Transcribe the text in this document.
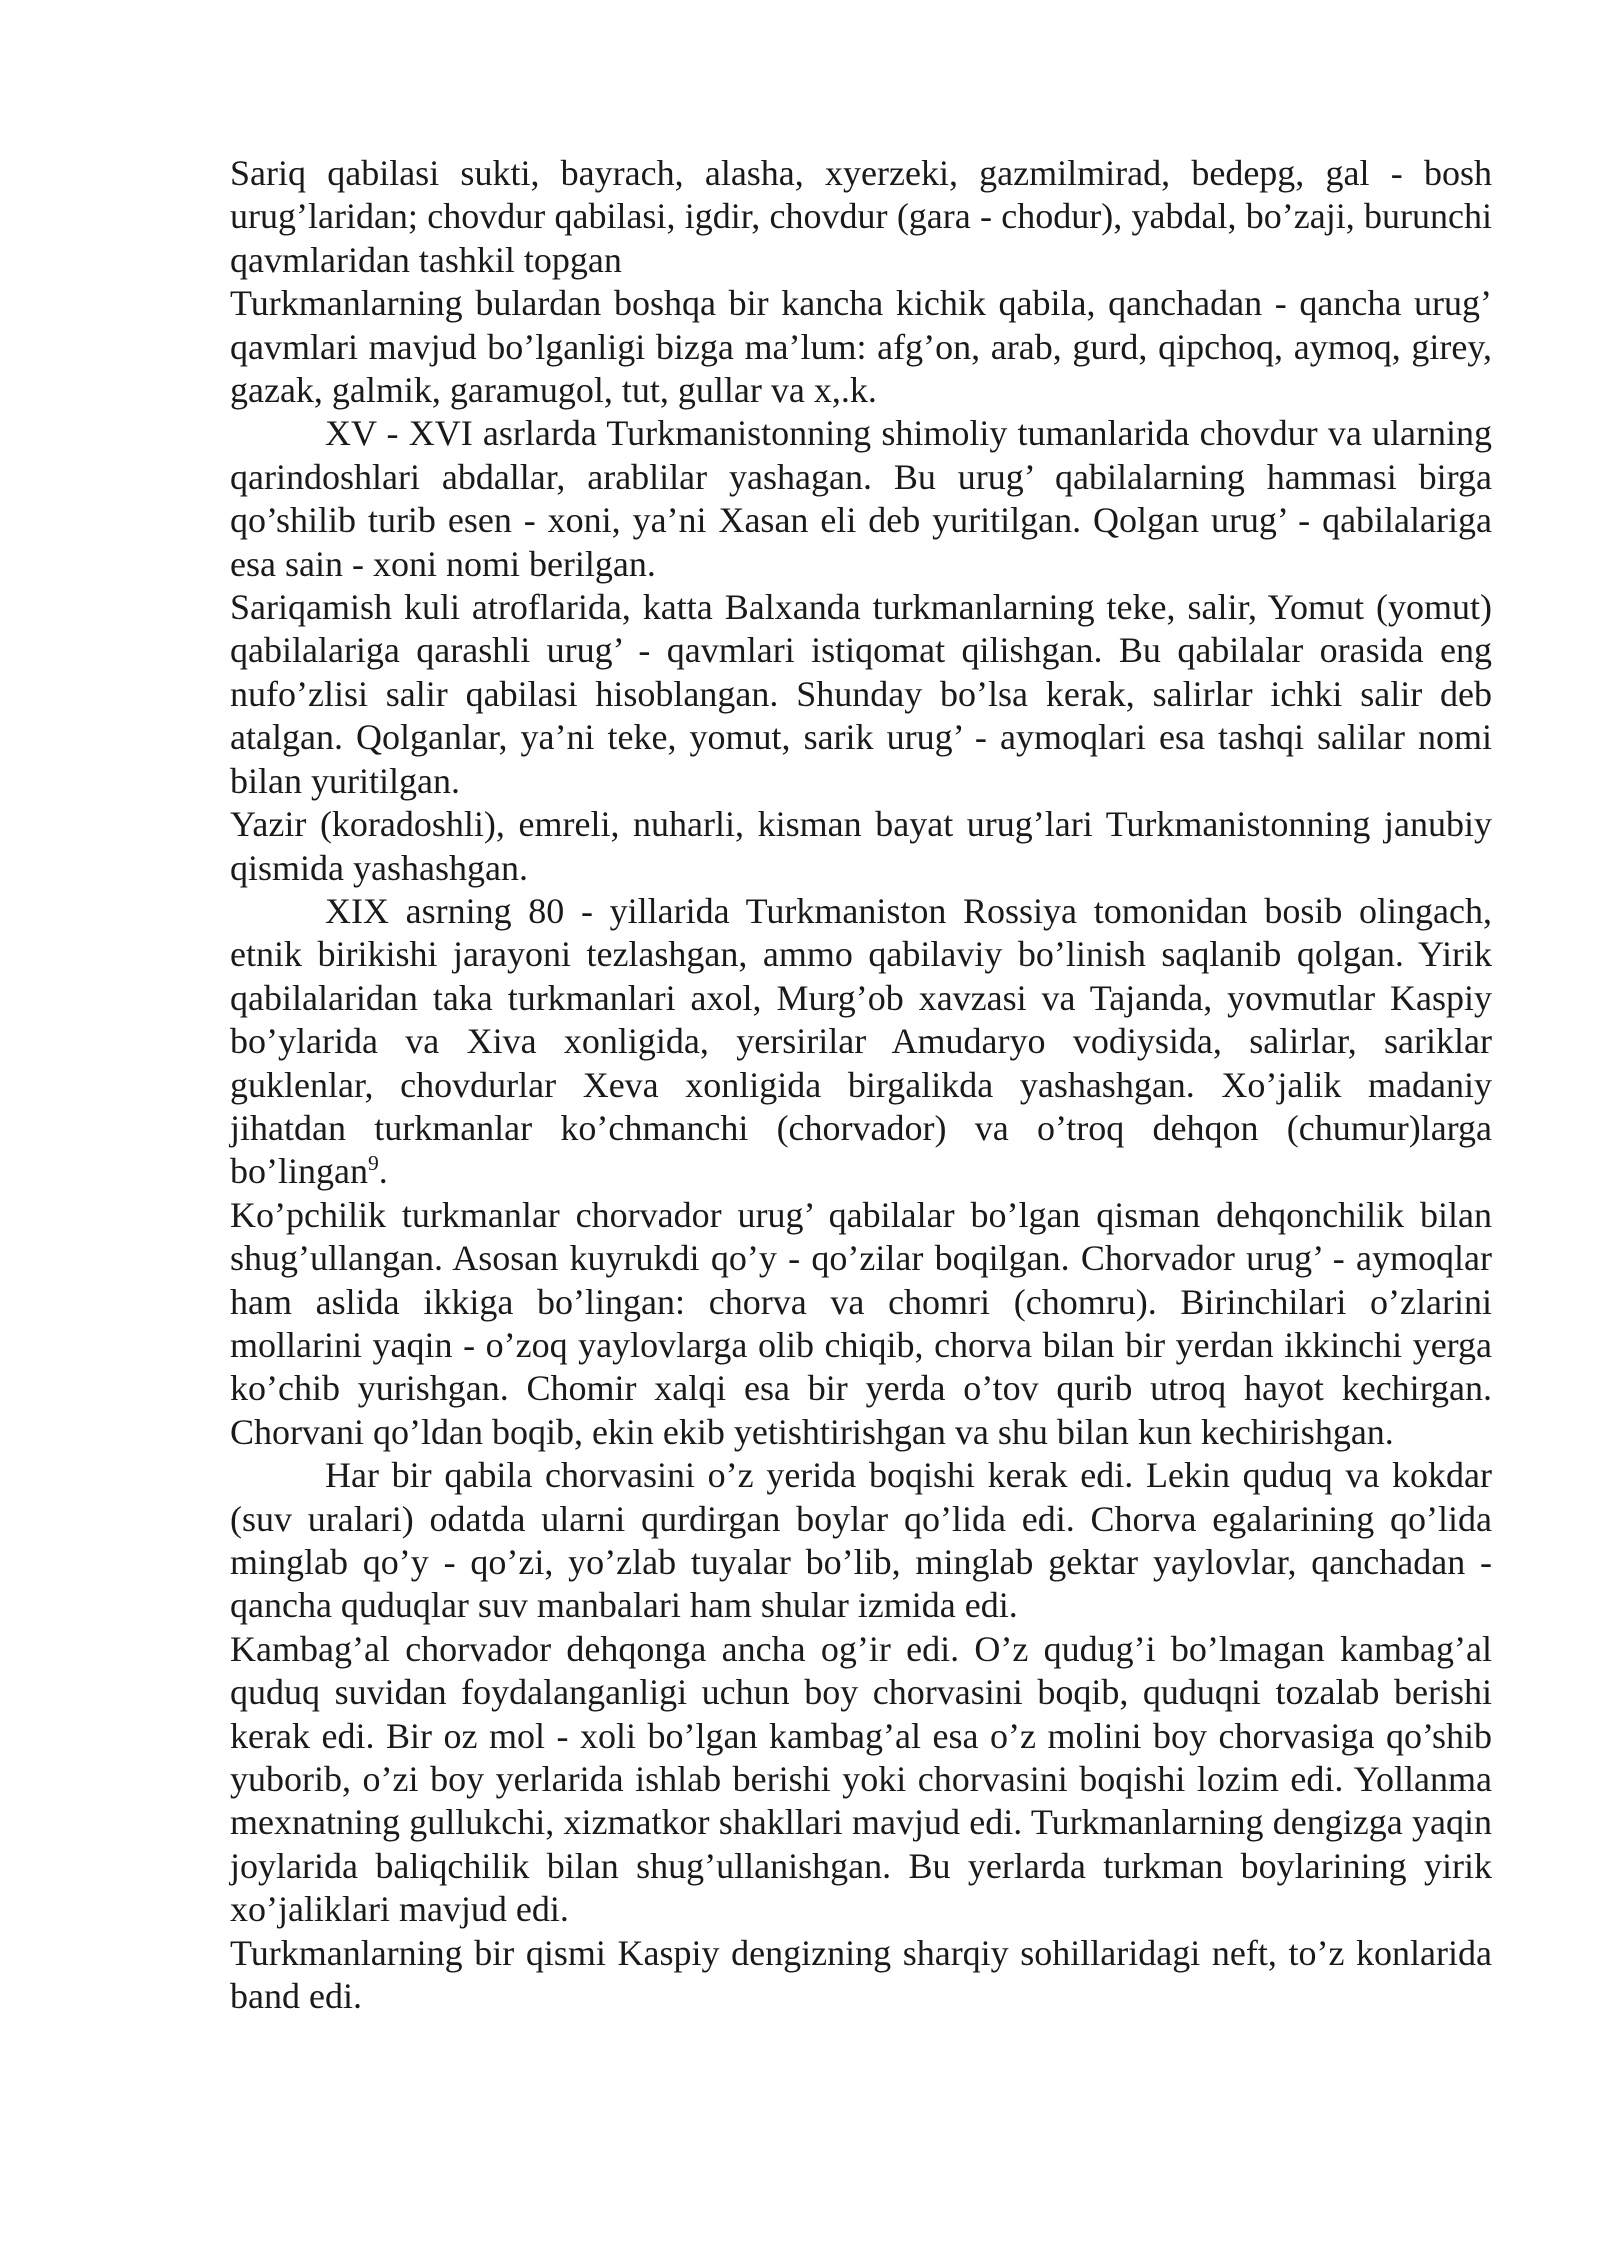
Sariq qabilasi sukti, bayrach, alasha, xyerzeki, gazmilmirad, bedepg, gal - bosh urug’laridan; chovdur qabilasi, igdir, chovdur (gara - chodur), yabdal, bo’zaji, burunchi qavmlaridan tashkil topgan

Turkmanlarning bulardan boshqa bir kancha kichik qabila, qanchadan - qancha urug’ qavmlari mavjud bo’lganligi bizga ma’lum: afg’on, arab, gurd, qipchoq, aymoq, girey, gazak, galmik, garamugol, tut, gullar va x,.k.

XV - XVI asrlarda Turkmanistonning shimoliy tumanlarida chovdur va ularning qarindoshlari abdallar, arablilar yashagan. Bu urug’ qabilalarning hammasi birga qo’shilib turib esen - xoni, ya’ni Xasan eli deb yuritilgan. Qolgan urug’ - qabilalariga esa sain - xoni nomi berilgan.

Sariqamish kuli atroflarida, katta Balxanda turkmanlarning teke, salir, Yomut (yomut) qabilalariga qarashli urug’ - qavmlari istiqomat qilishgan. Bu qabilalar orasida eng nufo’zlisi salir qabilasi hisoblangan. Shunday bo’lsa kerak, salirlar ichki salir deb atalgan. Qolganlar, ya’ni teke, yomut, sarik urug’ - aymoqlari esa tashqi salilar nomi bilan yuritilgan.

Yazir (koradoshli), emreli, nuharli, kisman bayat urug’lari Turkmanistonning janubiy qismida yashashgan.

XIX asrning 80 - yillarida Turkmaniston Rossiya tomonidan bosib olingach, etnik birikishi jarayoni tezlashgan, ammo qabilaviy bo’linish saqlanib qolgan. Yirik qabilalaridan taka turkmanlari axol, Murg’ob xavzasi va Tajanda, yovmutlar Kaspiy bo’ylarida va Xiva xonligida, yersirilar Amudaryo vodiysida, salirlar, sariklar guklenlar, chovdurlar Xeva xonligida birgalikda yashashgan. Xo’jalik madaniy jihatdan turkmanlar ko’chmanchi (chorvador) va o’troq dehqon (chumur)larga bo’lingan$^9$.

Ko’pchilik turkmanlar chorvador urug’ qabilalar bo’lgan qisman dehqonchilik bilan shug’ullangan. Asosan kuyrukdi qo’y - qo’zilar boqilgan. Chorvador urug’ - aymoqlar ham aslida ikkiga bo’lingan: chorva va chomri (chomru). Birinchilari o’zlarini mollarini yaqin - o’zoq yaylovlarga olib chiqib, chorva bilan bir yerdan ikkinchi yerga ko’chib yurishgan. Chomir xalqi esa bir yerda o’tov qurib utroq hayot kechirgan. Chorvani qo’ldan boqib, ekin ekib yetishtirishgan va shu bilan kun kechirishgan.

Har bir qabila chorvasini o’z yerida boqishi kerak edi. Lekin quduq va kokdar (suv uralari) odatda ularni qurdirgan boylar qo’lida edi. Chorva egalarining qo’lida minglab qo’y - qo’zi, yo’zlab tuyalar bo’lib, minglab gektar yaylovlar, qanchadan - qancha quduqlar suv manbalari ham shular izmida edi.

Kambag’al chorvador dehqonga ancha og’ir edi. O’z qudug’i bo’lmagan kambag’al quduq suvidan foydalanganligi uchun boy chorvasini boqib, quduqni tozalab berishi kerak edi. Bir oz mol - xoli bo’lgan kambag’al esa o’z molini boy chorvasiga qo’shib yuborib, o’zi boy yerlarida ishlab berishi yoki chorvasini boqishi lozim edi. Yollanma mexnatning gullukchi, xizmatkor shakllari mavjud edi. Turkmanlarning dengizga yaqin joylarida baliqchilik bilan shug’ullanishgan. Bu yerlarda turkman boylarining yirik xo’jaliklari mavjud edi.

Turkmanlarning bir qismi Kaspiy dengizning sharqiy sohillaridagi neft, to’z konlarida band edi.
